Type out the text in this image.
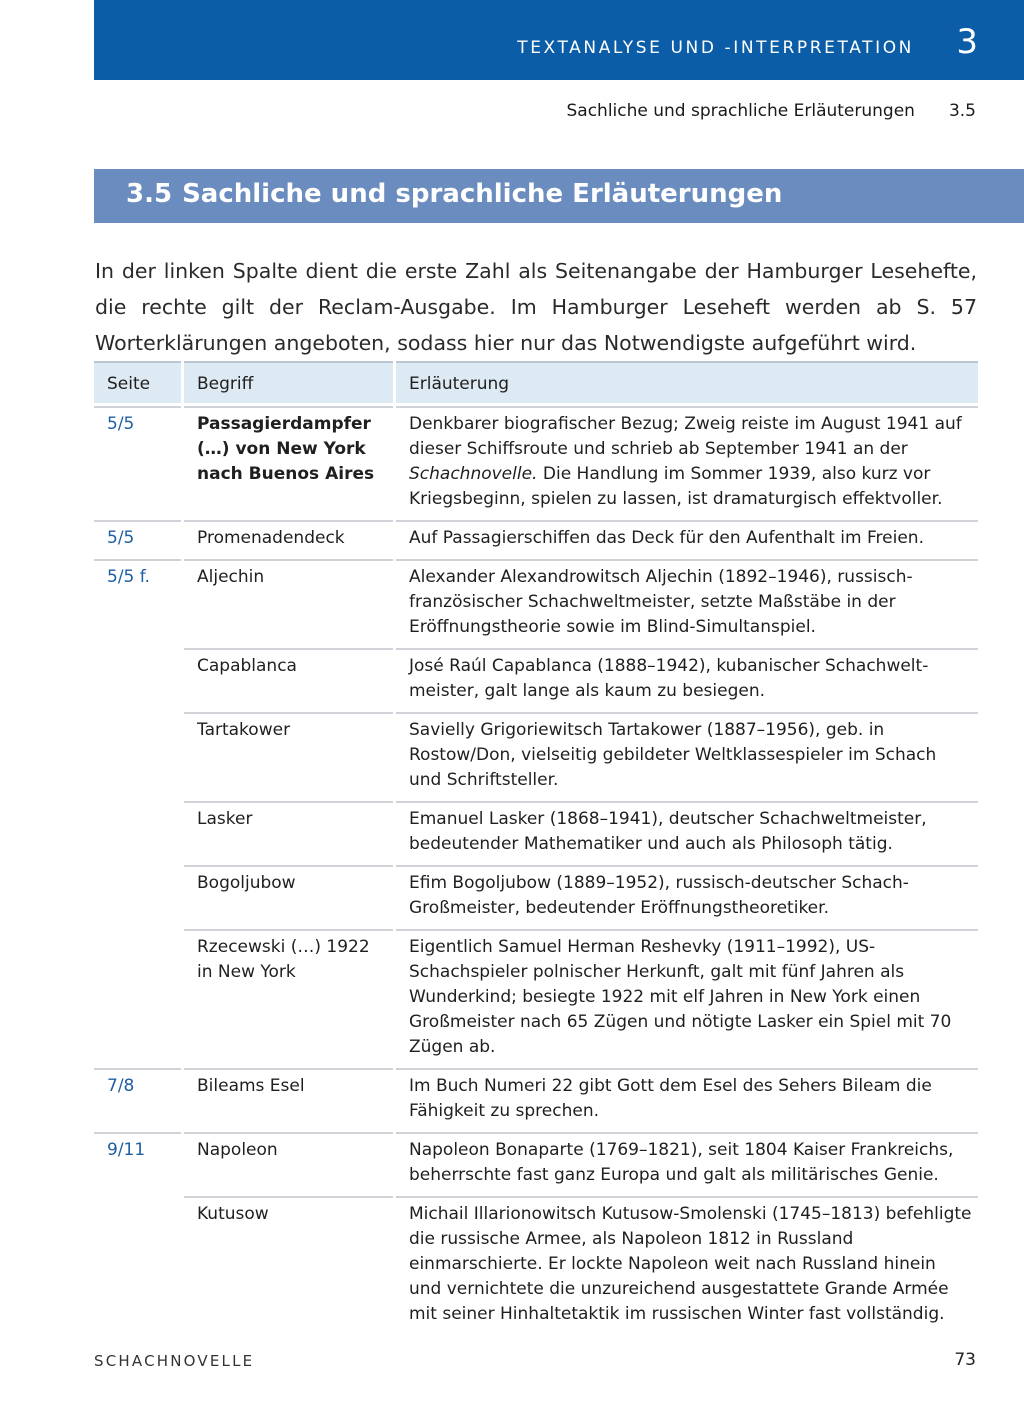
TEXTANALYSE UND -INTERPRETATION 3
Sachliche und sprachliche Erläuterungen 3.5
3.5 Sachliche und sprachliche Erläuterungen

In der linken Spalte dient die erste Zahl als Seitenangabe der Hamburger Lesehefte, die rechte gilt der Reclam-Ausgabe. Im Hamburger Leseheft werden ab S. 57 Worterklärungen angeboten, sodass hier nur das Notwendigste aufgeführt wird.

Seite	Begriff	Erläuterung
5/5	Passagierdampfer (…) von New York nach Buenos Aires	Denkbarer biografischer Bezug; Zweig reiste im August 1941 auf dieser Schiffsroute und schrieb ab September 1941 an der Schachnovelle. Die Handlung im Sommer 1939, also kurz vor Kriegsbeginn, spielen zu lassen, ist dramaturgisch effektvoller.
5/5	Promenadendeck	Auf Passagierschiffen das Deck für den Aufenthalt im Freien.
5/5 f.	Aljechin	Alexander Alexandrowitsch Aljechin (1892–1946), russisch-französischer Schachweltmeister, setzte Maßstäbe in der Eröffnungstheorie sowie im Blind-Simultanspiel.
	Capablanca	José Raúl Capablanca (1888–1942), kubanischer Schachwelt-meister, galt lange als kaum zu besiegen.
	Tartakower	Savielly Grigoriewitsch Tartakower (1887–1956), geb. in Rostow/Don, vielseitig gebildeter Weltklassespieler im Schach und Schriftsteller.
	Lasker	Emanuel Lasker (1868–1941), deutscher Schachweltmeister, bedeutender Mathematiker und auch als Philosoph tätig.
	Bogoljubow	Efim Bogoljubow (1889–1952), russisch-deutscher Schach-Großmeister, bedeutender Eröffnungstheoretiker.
	Rzecewski (…) 1922 in New York	Eigentlich Samuel Herman Reshevky (1911–1992), US-Schachspieler polnischer Herkunft, galt mit fünf Jahren als Wunderkind; besiegte 1922 mit elf Jahren in New York einen Großmeister nach 65 Zügen und nötigte Lasker ein Spiel mit 70 Zügen ab.
7/8	Bileams Esel	Im Buch Numeri 22 gibt Gott dem Esel des Sehers Bileam die Fähigkeit zu sprechen.
9/11	Napoleon	Napoleon Bonaparte (1769–1821), seit 1804 Kaiser Frankreichs, beherrschte fast ganz Europa und galt als militärisches Genie.
	Kutusow	Michail Illarionowitsch Kutusow-Smolenski (1745–1813) befehligte die russische Armee, als Napoleon 1812 in Russland einmarschierte. Er lockte Napoleon weit nach Russland hinein und vernichtete die unzureichend ausgestattete Grande Armée mit seiner Hinhaltetaktik im russischen Winter fast vollständig.
SCHACHNOVELLE	73
